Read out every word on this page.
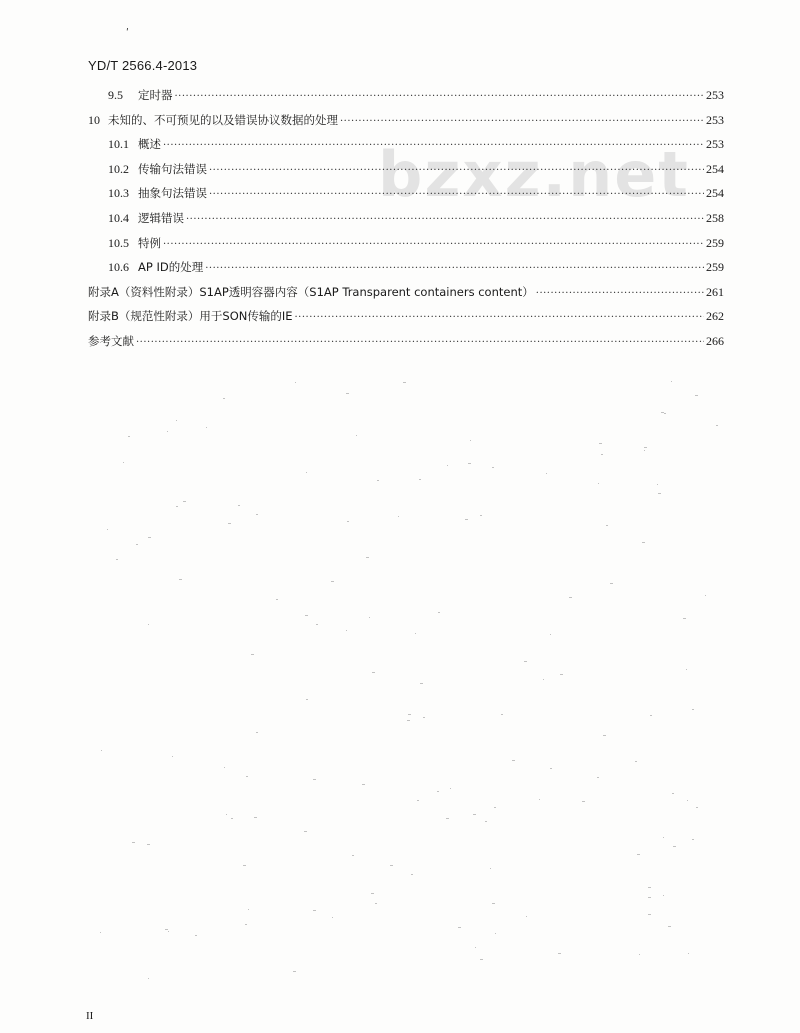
ʹ
YD/T 2566.4-2013
bzxz.net
9.5	定时器 ·····	253
10 未知的、不可预见的以及错误协议数据的处理 ·····	253
10.1 概述 ·····	253
10.2 传输句法错误 ·····	254
10.3 抽象句法错误 ·····	254
10.4 逻辑错误 ·····	258
10.5 特例 ·····	259
10.6 AP ID的处理 ·····	259
附录A（资料性附录）S1AP透明容器内容（S1AP Transparent containers content） ·····	261
附录B（规范性附录）用于SON传输的IE ·····	262
参考文献 ·····	266
II
